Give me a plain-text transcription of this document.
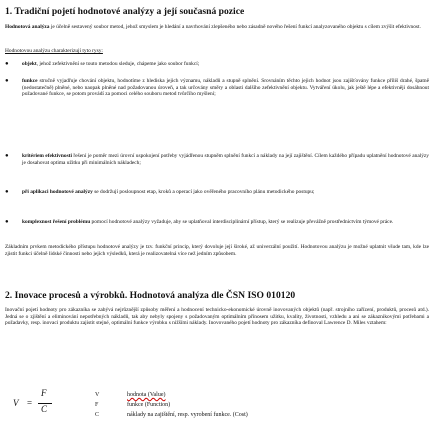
1. Tradiční pojetí hodnotové analýzy a její současná pozice

Hodnotová analýza je účelně sestavený soubor metod, jehož smyslem je hledání a navrhování zlepšeného nebo zásadně nového řešení funkcí analyzovaného objektu s cílem zvýšit efektivnost.

Hodnotovou analýzu charakterizují tyto rysy:

● objekt, jehož zefektivnění se touto metodou sleduje, chápeme jako soubor funkcí;
● funkce stručně vyjadřuje chování objektu, hodnotíme z hlediska jejich významu, nákladů a stupně splnění. Srovnáním těchto jejich hodnot jsou zajišťovány funkce příliš drahé, špatně (nedostatečně) plněné, nebo naopak plněné nad požadovanou úroveň, a tak určovány směry a oblasti dalšího zefektivnění objektu. Vytváření úkolu, jak ještě lépe a efektivněji dosáhnout požadované funkce, se potom provádí za pomoci celého souboru metod tvůrčího myšlení;
● kritériem efektivnosti řešení je poměr mezi úrovní uspokojení potřeby vyjádřenou stupněm splnění funkcí a náklady na její zajištění. Cílem každého případu uplatnění hodnotové analýzy je dosahovat optima užitku při minimálních nákladech;
● při aplikaci hodnotové analýzy se dodržují posloupnost etap, kroků a operací jako ověřeného pracovního plánu metodického postupu;
● komplexnost řešení problému pomocí hodnotové analýzy vyžaduje, aby se uplatňoval interdisciplinární přístup, který se realizuje převážně prostřednictvím týmové práce.

Základním prvkem metodického přístupu hodnotové analýzy je tzv. funkční princip, který dovoluje její široké, až univerzální použití. Hodnotovou analýzu je možné uplatnit všude tam, kde lze zjistit funkci účelně lidské činnosti nebo jejích výsledků, která je realizovatelná více než jedním způsobem.

2. Inovace procesů a výrobků. Hodnotová analýza dle ČSN ISO 010120

Inovační pojetí hodnoty pro zákazníka se zabývá nejrůznější způsoby měření a hodnocení technicko-ekonomické úrovně inovovaných objektů (např. strojního zařízení, produktů, procesů atd.). Jedná se o zjištění a eliminování nepotřebných nákladů, tak aby nebyly spojeny s požadovaným optimálním přínosem užitku, kvality, životnosti, vzhledu a ani se zákaznikovými potřebami a požadavky, resp. inovaci produktu zajistit stejné, optimální funkce výrobku s nižšími náklady. Inovovaného pojetí hodnoty pro zákazníka definoval Lawrence D. Miles vztahem:

V =
F
C
V	hodnota (Value)
F	funkce (Function)
C	náklady na zajištění, resp. vyrobení funkce. (Cost)
